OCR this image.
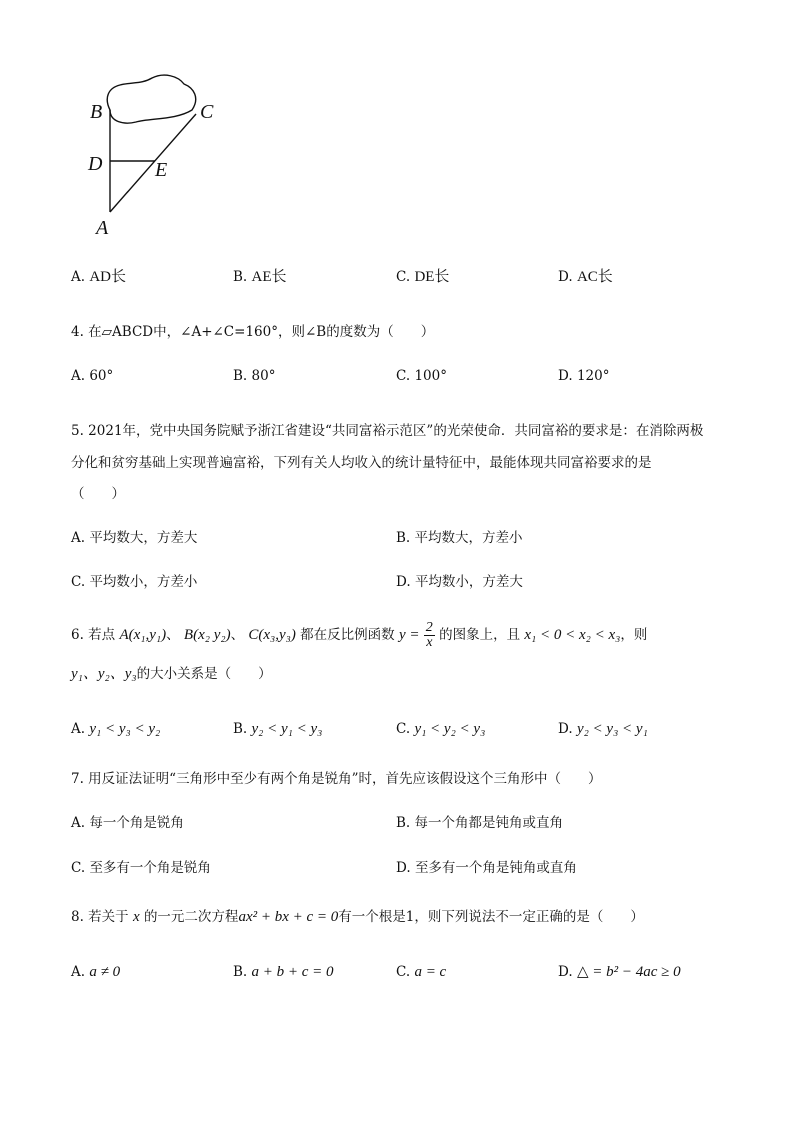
B	C
D	E
A
A. AD长	B. AE长	C. DE长	D. AC长
4. 在▱ABCD中，∠A+∠C=160°，则∠B的度数为（　　）
A. 60°	B. 80°	C. 100°	D. 120°
5. 2021年，党中央国务院赋予浙江省建设“共同富裕示范区”的光荣使命．共同富裕的要求是：在消除两极
分化和贫穷基础上实现普遍富裕，下列有关人均收入的统计量特征中，最能体现共同富裕要求的是
（　　）
A. 平均数大，方差大	B. 平均数大，方差小
C. 平均数小，方差小	D. 平均数小，方差大
6. 若点 A(x₁,y₁)、 B(x₂ y₂)、 C(x₃,y₃) 都在反比例函数 $y = \frac{2}{x}$ 的图象上，且 x₁ < 0 < x₂ < x₃，则
y₁、y₂、y₃的大小关系是（　　）
A. y₁ < y₃ < y₂	B. y₂ < y₁ < y₃	C. y₁ < y₂ < y₃	D. y₂ < y₃ < y₁
7. 用反证法证明“三角形中至少有两个角是锐角”时，首先应该假设这个三角形中（　　）
A. 每一个角是锐角	B. 每一个角都是钝角或直角
C. 至多有一个角是锐角	D. 至多有一个角是钝角或直角
8. 若关于 x 的一元二次方程ax² + bx + c = 0有一个根是1，则下列说法不一定正确的是（　　）
A. a ≠ 0	B. a + b + c = 0	C. a = c	D. △ = b² − 4ac ≥ 0
